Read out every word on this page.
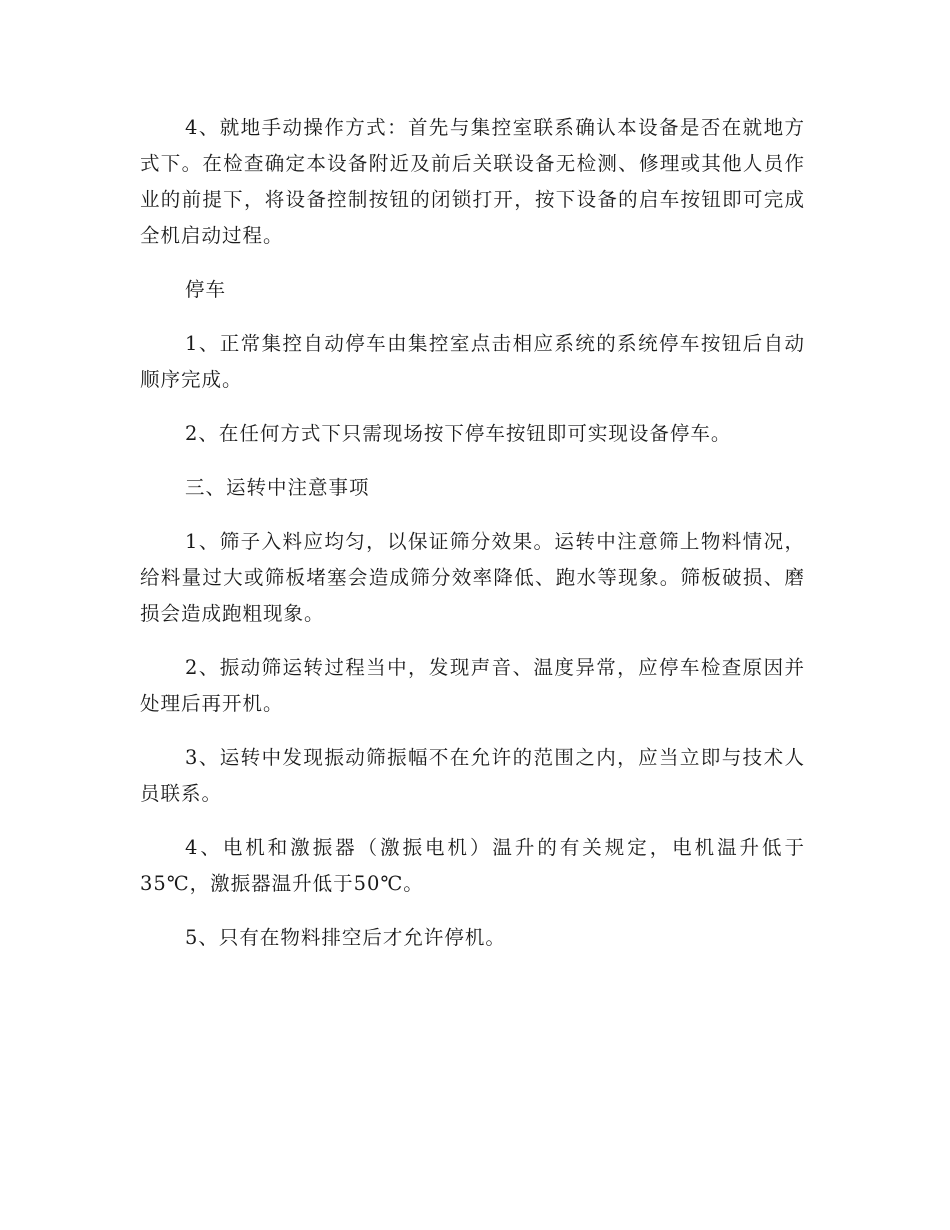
4、就地手动操作方式：首先与集控室联系确认本设备是否在就地方式下。在检查确定本设备附近及前后关联设备无检测、修理或其他人员作业的前提下，将设备控制按钮的闭锁打开，按下设备的启车按钮即可完成全机启动过程。

停车

1、正常集控自动停车由集控室点击相应系统的系统停车按钮后自动顺序完成。

2、在任何方式下只需现场按下停车按钮即可实现设备停车。

三、运转中注意事项

1、筛子入料应均匀，以保证筛分效果。运转中注意筛上物料情况，给料量过大或筛板堵塞会造成筛分效率降低、跑水等现象。筛板破损、磨损会造成跑粗现象。

2、振动筛运转过程当中，发现声音、温度异常，应停车检查原因并处理后再开机。

3、运转中发现振动筛振幅不在允许的范围之内，应当立即与技术人员联系。

4、电机和激振器（激振电机）温升的有关规定，电机温升低于35℃，激振器温升低于50℃。

5、只有在物料排空后才允许停机。
